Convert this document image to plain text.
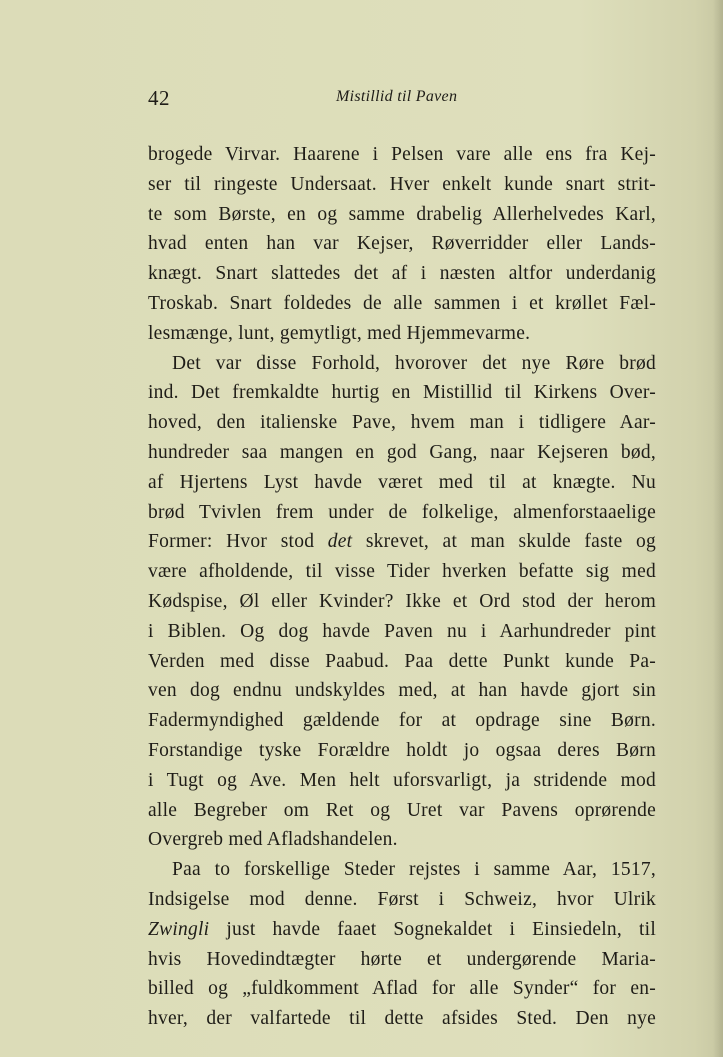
42	Mistillid til Paven
brogede Virvar. Haarene i Pelsen vare alle ens fra Kej-
ser til ringeste Undersaat. Hver enkelt kunde snart strit-
te som Børste, en og samme drabelig Allerhelvedes Karl,
hvad enten han var Kejser, Røverridder eller Lands-
knægt. Snart slattedes det af i næsten altfor underdanig
Troskab. Snart foldedes de alle sammen i et krøllet Fæl-
lesmænge, lunt, gemytligt, med Hjemmevarme.
Det var disse Forhold, hvorover det nye Røre brød
ind. Det fremkaldte hurtig en Mistillid til Kirkens Over-
hoved, den italienske Pave, hvem man i tidligere Aar-
hundreder saa mangen en god Gang, naar Kejseren bød,
af Hjertens Lyst havde været med til at knægte. Nu
brød Tvivlen frem under de folkelige, almenforstaaelige
Former: Hvor stod det skrevet, at man skulde faste og
være afholdende, til visse Tider hverken befatte sig med
Kødspise, Øl eller Kvinder? Ikke et Ord stod der herom
i Biblen. Og dog havde Paven nu i Aarhundreder pint
Verden med disse Paabud. Paa dette Punkt kunde Pa-
ven dog endnu undskyldes med, at han havde gjort sin
Fadermyndighed gældende for at opdrage sine Børn.
Forstandige tyske Forældre holdt jo ogsaa deres Børn
i Tugt og Ave. Men helt uforsvarligt, ja stridende mod
alle Begreber om Ret og Uret var Pavens oprørende
Overgreb med Afladshandelen.
Paa to forskellige Steder rejstes i samme Aar, 1517,
Indsigelse mod denne. Først i Schweiz, hvor Ulrik
Zwingli just havde faaet Sognekaldet i Einsiedeln, til
hvis Hovedindtægter hørte et undergørende Maria-
billed og „fuldkomment Aflad for alle Synder“ for en-
hver, der valfartede til dette afsides Sted. Den nye
